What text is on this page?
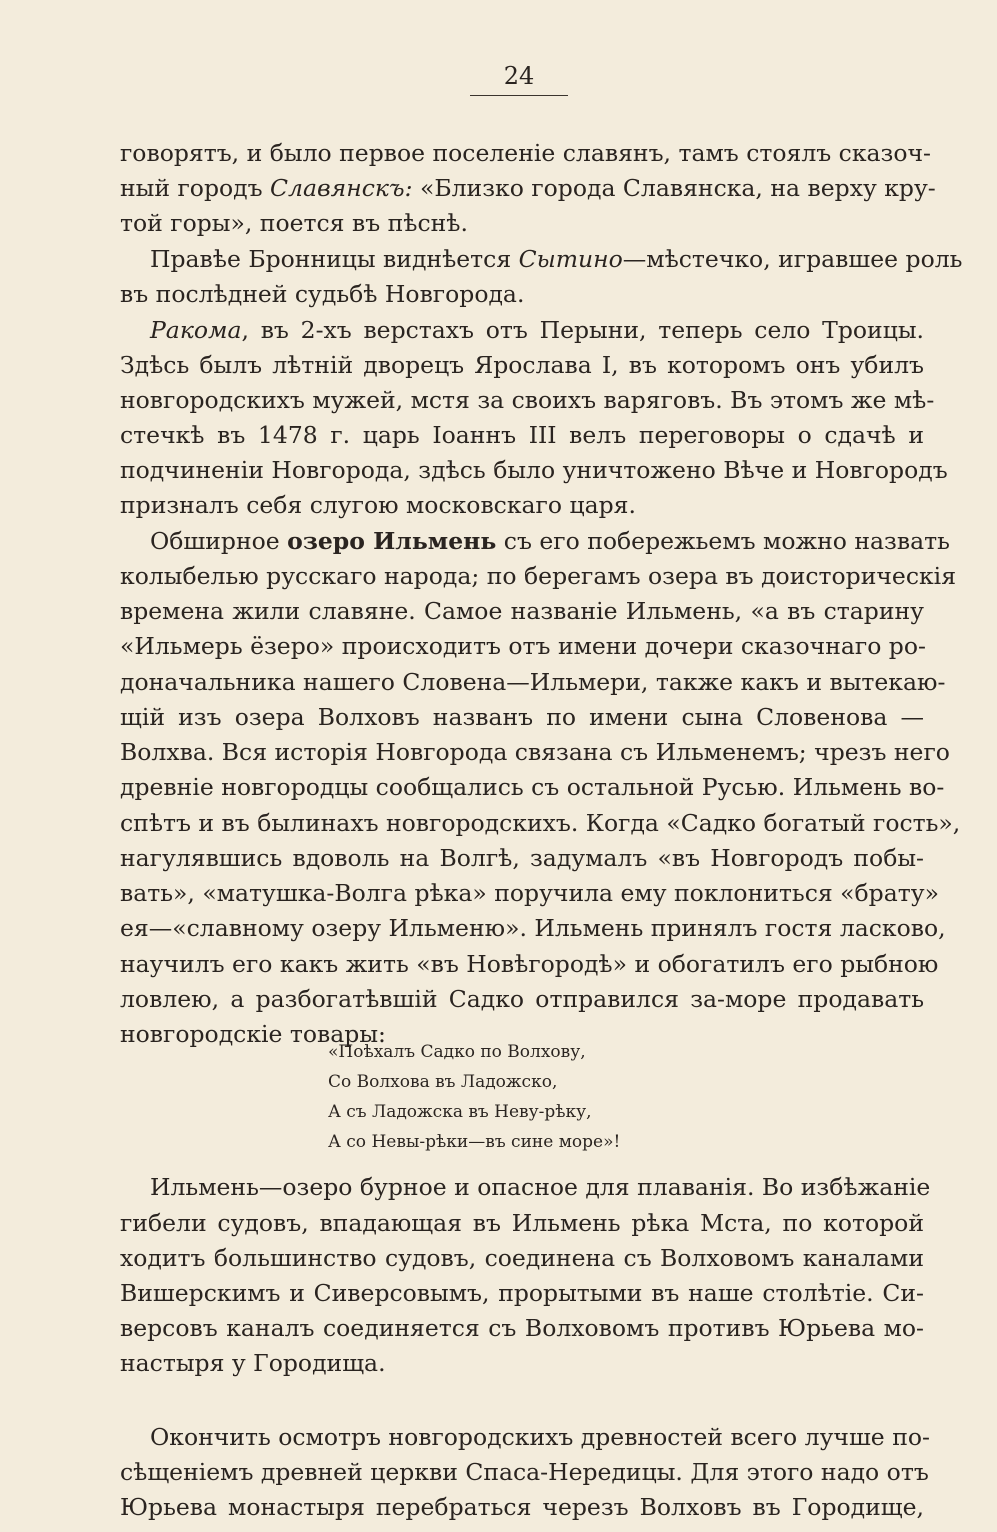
24
говорятъ, и было первое поселеніе славянъ, тамъ стоялъ сказоч-
ный городъ Славянскъ: «Близко города Славянска, на верху кру-
той горы», поется въ пѣснѣ.
Правѣе Бронницы виднѣется Сытино—мѣстечко, игравшее роль
въ послѣдней судьбѣ Новгорода.
Ракома, въ 2-хъ верстахъ отъ Перыни, теперь село Троицы.
Здѣсь былъ лѣтній дворецъ Ярослава I, въ которомъ онъ убилъ
новгородскихъ мужей, мстя за своихъ варяговъ. Въ этомъ же мѣ-
стечкѣ въ 1478 г. царь Іоаннъ III велъ переговоры о сдачѣ и
подчиненіи Новгорода, здѣсь было уничтожено Вѣче и Новгородъ
призналъ себя слугою московскаго царя.
Обширное озеро Ильмень съ его побережьемъ можно назвать
колыбелью русскаго народа; по берегамъ озера въ доисторическія
времена жили славяне. Самое названіе Ильмень, «а въ старину
«Ильмерь ёзеро» происходитъ отъ имени дочери сказочнаго ро-
доначальника нашего Словена—Ильмери, также какъ и вытекаю-
щій изъ озера Волховъ названъ по имени сына Словенова —
Волхва. Вся исторія Новгорода связана съ Ильменемъ; чрезъ него
древніе новгородцы сообщались съ остальной Русью. Ильмень во-
спѣтъ и въ былинахъ новгородскихъ. Когда «Садко богатый гость»,
нагулявшись вдоволь на Волгѣ, задумалъ «въ Новгородъ побы-
вать», «матушка-Волга рѣка» поручила ему поклониться «брату»
ея—«славному озеру Ильменю». Ильмень принялъ гостя ласково,
научилъ его какъ жить «въ Новѣгородѣ» и обогатилъ его рыбною
ловлею, а разбогатѣвшій Садко отправился за-море продавать
новгородскіе товары:
«Поѣхалъ Садко по Волхову,
Со Волхова въ Ладожско,
А съ Ладожска въ Неву-рѣку,
А со Невы-рѣки—въ сине море»!
Ильмень—озеро бурное и опасное для плаванія. Во избѣжаніе
гибели судовъ, впадающая въ Ильмень рѣка Мста, по которой
ходитъ большинство судовъ, соединена съ Волховомъ каналами
Вишерскимъ и Сиверсовымъ, прорытыми въ наше столѣтіе. Си-
версовъ каналъ соединяется съ Волховомъ противъ Юрьева мо-
настыря у Городища.
Окончить осмотръ новгородскихъ древностей всего лучше по-
сѣщеніемъ древней церкви Спаса-Нередицы. Для этого надо отъ
Юрьева монастыря перебраться черезъ Волховъ въ Городище,
